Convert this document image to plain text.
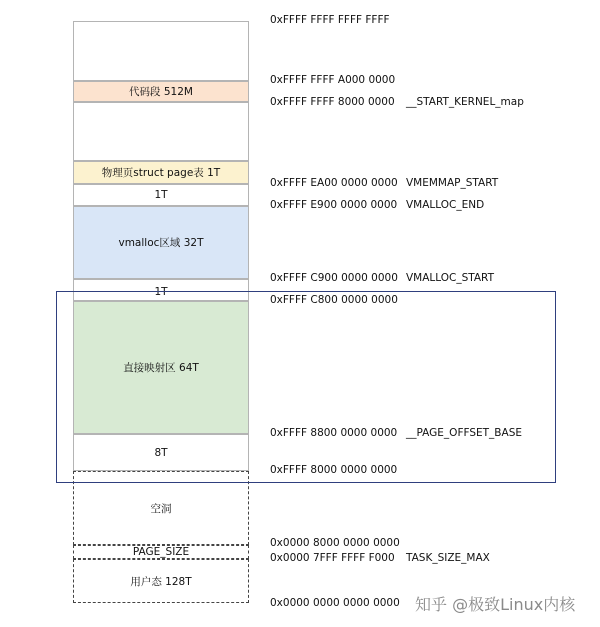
代码段 512M
物理页struct page表 1T
1T
vmalloc区域 32T
1T
直接映射区 64T
8T
空洞
PAGE_SIZE
用户态 128T
0xFFFF FFFF FFFF FFFF
0xFFFF FFFF A000 0000
0xFFFF FFFF 8000 0000
0xFFFF EA00 0000 0000
0xFFFF E900 0000 0000
0xFFFF C900 0000 0000
0xFFFF C800 0000 0000
0xFFFF 8800 0000 0000
0xFFFF 8000 0000 0000
0x0000 8000 0000 0000
0x0000 7FFF FFFF F000
0x0000 0000 0000 0000
__START_KERNEL_map
VMEMMAP_START
VMALLOC_END
VMALLOC_START
__PAGE_OFFSET_BASE
TASK_SIZE_MAX
知乎 @极致Linux内核
